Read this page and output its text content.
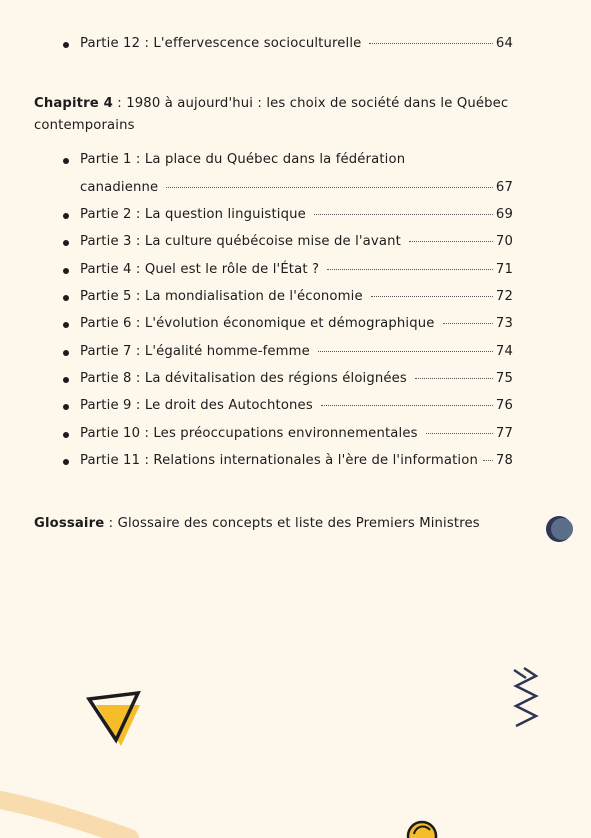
Partie 12 : L'effervescence socioculturelle	64
Chapitre 4 : 1980 à aujourd'hui : les choix de société dans le Québec contemporains
Partie 1 : La place du Québec dans la fédération
canadienne	67
Partie 2 : La question linguistique	69
Partie 3 : La culture québécoise mise de l'avant	70
Partie 4 : Quel est le rôle de l'État ?	71
Partie 5 : La mondialisation de l'économie	72
Partie 6 : L'évolution économique et démographique	73
Partie 7 : L'égalité homme-femme	74
Partie 8 : La dévitalisation des régions éloignées	75
Partie 9 : Le droit des Autochtones	76
Partie 10 : Les préoccupations environnementales	77
Partie 11 : Relations internationales à l'ère de l'information 78
Glossaire : Glossaire des concepts et liste des Premiers Ministres
